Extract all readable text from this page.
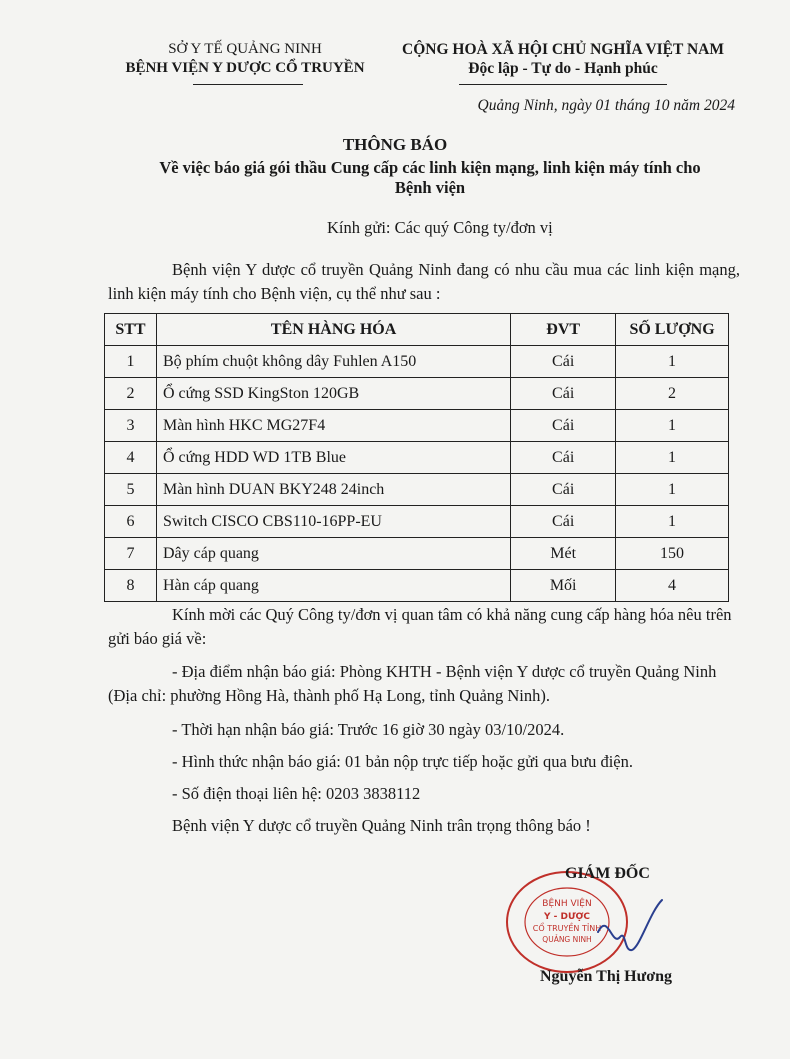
SỞ Y TẾ QUẢNG NINH
BỆNH VIỆN Y DƯỢC CỔ TRUYỀN
CỘNG HOÀ XÃ HỘI CHỦ NGHĨA VIỆT NAM
Độc lập - Tự do - Hạnh phúc
Quảng Ninh, ngày 01 tháng 10 năm 2024
THÔNG BÁO
Về việc báo giá gói thầu Cung cấp các linh kiện mạng, linh kiện máy tính cho
Bệnh viện
Kính gửi: Các quý Công ty/đơn vị
Bệnh viện Y dược cổ truyền Quảng Ninh đang có nhu cầu mua các linh kiện mạng, linh kiện máy tính cho Bệnh viện, cụ thể như sau :
STT	TÊN HÀNG HÓA	ĐVT	SỐ LƯỢNG
1	Bộ phím chuột không dây Fuhlen A150	Cái	1
2	Ổ cứng SSD KingSton 120GB	Cái	2
3	Màn hình HKC MG27F4	Cái	1
4	Ổ cứng HDD WD 1TB Blue	Cái	1
5	Màn hình DUAN BKY248 24inch	Cái	1
6	Switch CISCO CBS110-16PP-EU	Cái	1
7	Dây cáp quang	Mét	150
8	Hàn cáp quang	Mối	4
Kính mời các Quý Công ty/đơn vị quan tâm có khả năng cung cấp hàng hóa nêu trên gửi báo giá về:
- Địa điểm nhận báo giá: Phòng KHTH - Bệnh viện Y dược cổ truyền Quảng Ninh (Địa chỉ: phường Hồng Hà, thành phố Hạ Long, tỉnh Quảng Ninh).
- Thời hạn nhận báo giá: Trước 16 giờ 30 ngày 03/10/2024.
- Hình thức nhận báo giá: 01 bản nộp trực tiếp hoặc gửi qua bưu điện.
- Số điện thoại liên hệ: 0203 3838112
Bệnh viện Y dược cổ truyền Quảng Ninh trân trọng thông báo !
BỆNH VIỆN
Y - DƯỢC
CỔ TRUYỀN TỈNH
QUẢNG NINH
GIÁM ĐỐC
Nguyễn Thị Hương
